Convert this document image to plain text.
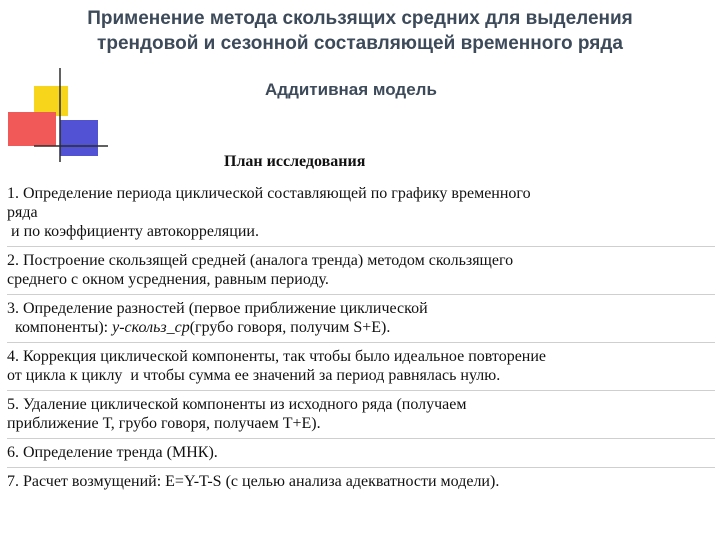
Применение метода скользящих средних для выделения
трендовой и сезонной составляющей временного ряда
Аддитивная модель
План исследования
1. Определение периода циклической составляющей по графику временного
ряда
и по коэффициенту автокорреляции.
2. Построение скользящей средней (аналога тренда) методом скользящего
среднего с окном усреднения, равным периоду.
3. Определение разностей (первое приближение циклической
компоненты): у-скольз_ср(грубо говоря, получим S+E).
4. Коррекция циклической компоненты, так чтобы было идеальное повторение
от цикла к циклу  и чтобы сумма ее значений за период равнялась нулю.
5. Удаление циклической компоненты из исходного ряда (получаем
приближение Т, грубо говоря, получаем Т+Е).
6. Определение тренда (МНК).
7. Расчет возмущений: E=Y-T-S (с целью анализа адекватности модели).
